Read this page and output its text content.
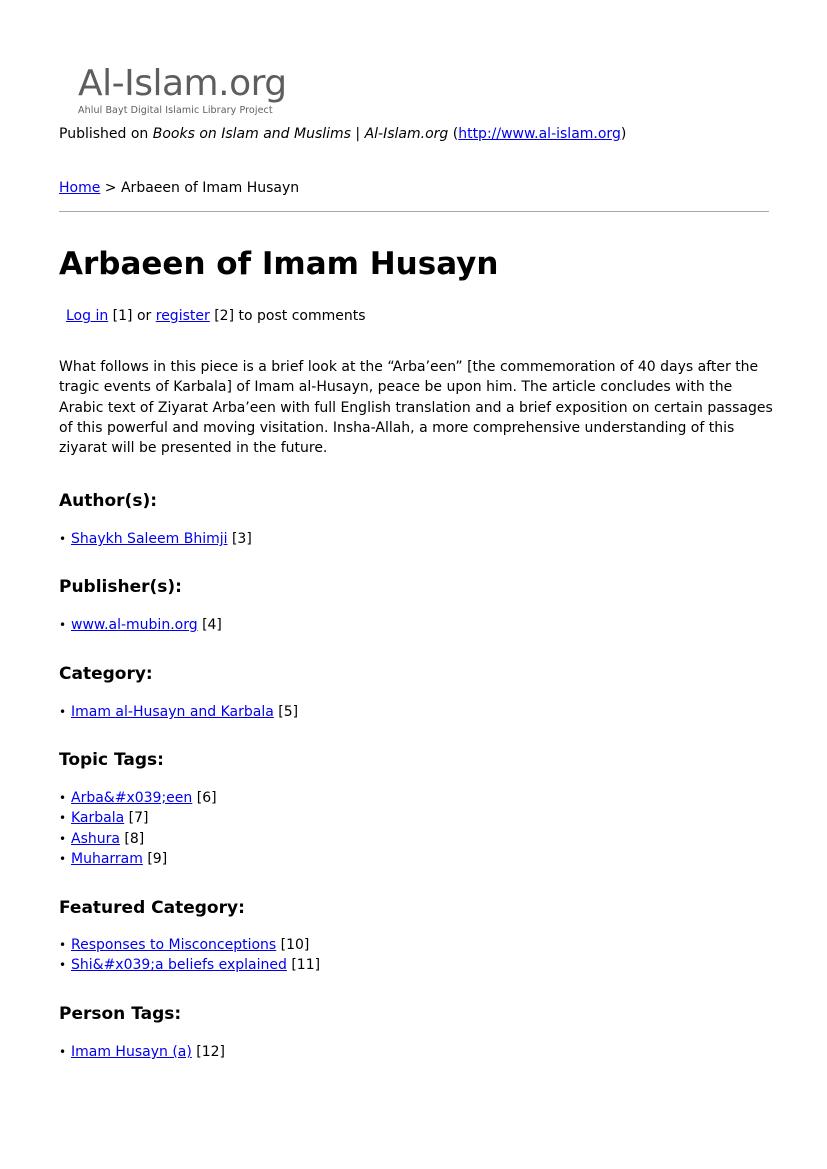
Al-Islam.org
Ahlul Bayt Digital Islamic Library Project
Published on Books on Islam and Muslims | Al-Islam.org (http://www.al-islam.org)
Home > Arbaeen of Imam Husayn
Arbaeen of Imam Husayn
Log in [1] or register [2] to post comments

What follows in this piece is a brief look at the “Arba’een” [the commemoration of 40 days after the tragic events of Karbala] of Imam al-Husayn, peace be upon him. The article concludes with the Arabic text of Ziyarat Arba’een with full English translation and a brief exposition on certain passages of this powerful and moving visitation. Insha-Allah, a more comprehensive understanding of this ziyarat will be presented in the future.

Author(s):
• Shaykh Saleem Bhimji [3]
Publisher(s):
• www.al-mubin.org [4]
Category:
• Imam al-Husayn and Karbala [5]
Topic Tags:
• Arba&#x039;een [6]
• Karbala [7]
• Ashura [8]
• Muharram [9]
Featured Category:
• Responses to Misconceptions [10]
• Shi&#x039;a beliefs explained [11]
Person Tags:
• Imam Husayn (a) [12]
